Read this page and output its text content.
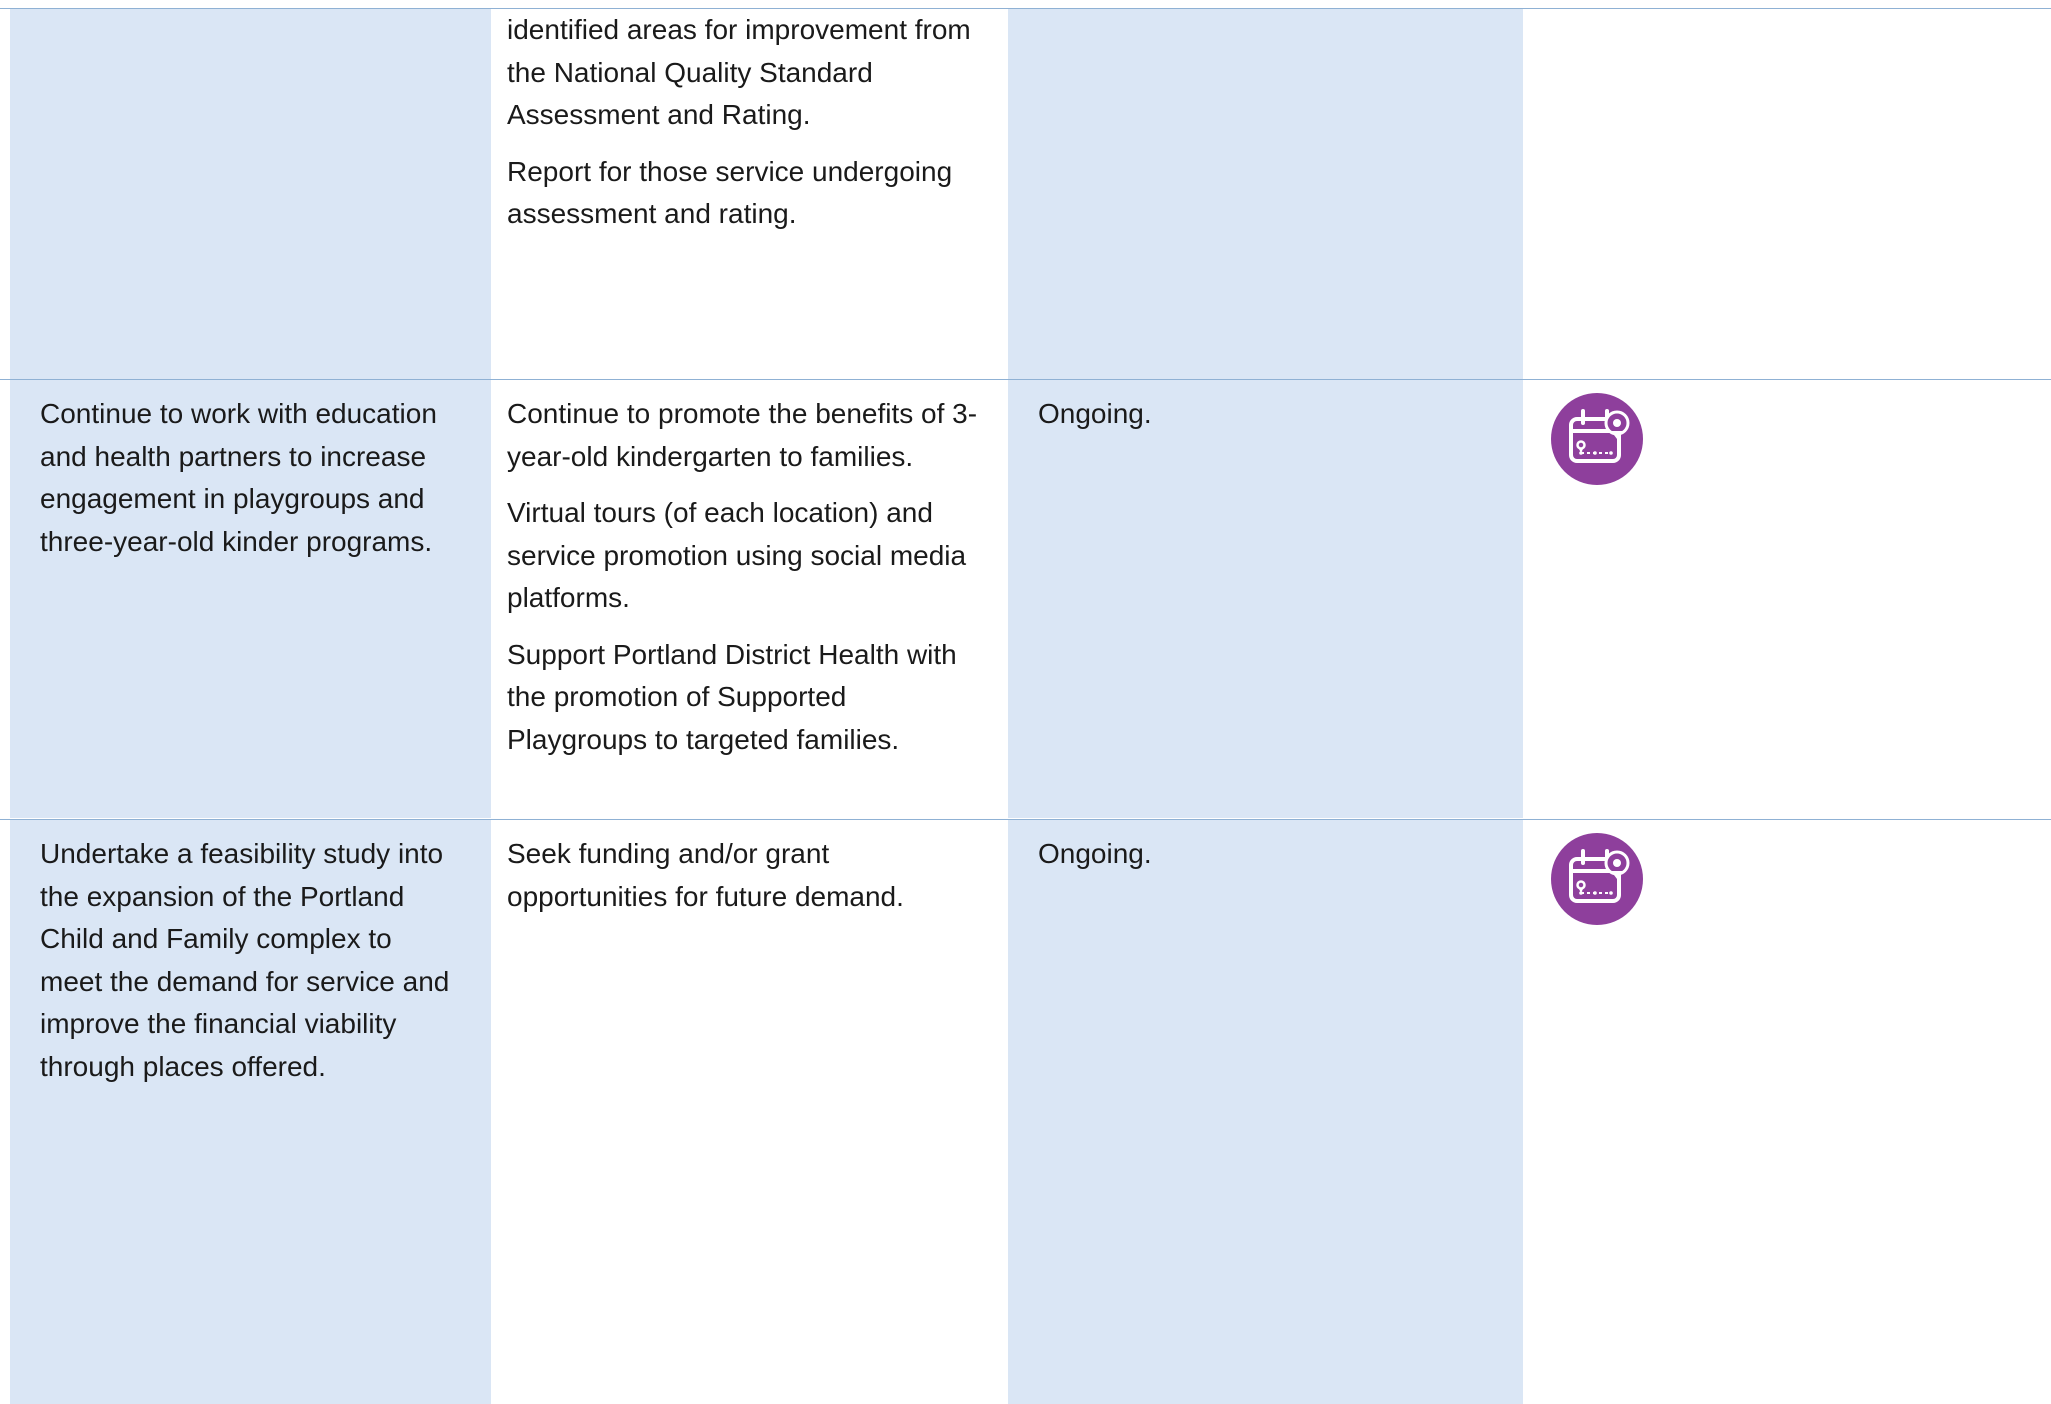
identified areas for improvement from the National Quality Standard Assessment and Rating.

Report for those service undergoing assessment and rating.

Continue to work with education and health partners to increase engagement in playgroups and three-year-old kinder programs.

Continue to promote the benefits of 3-year-old kindergarten to families.

Virtual tours (of each location) and service promotion using social media platforms.

Support Portland District Health with the promotion of Supported Playgroups to targeted families.

Ongoing.

Undertake a feasibility study into the expansion of the Portland Child and Family complex to meet the demand for service and improve the financial viability through places offered.

Seek funding and/or grant opportunities for future demand.

Ongoing.
